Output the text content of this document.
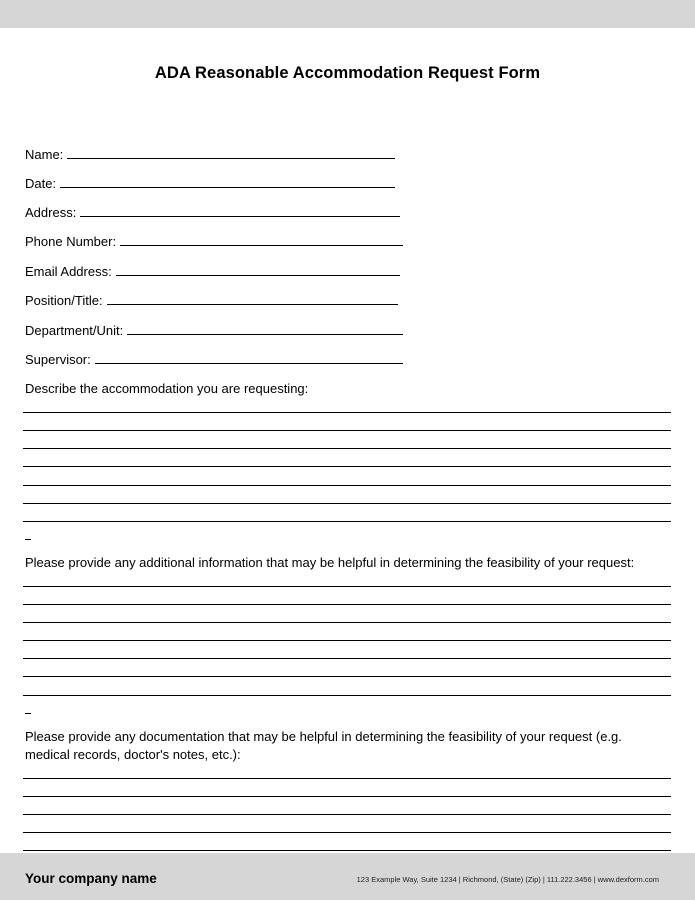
ADA Reasonable Accommodation Request Form
Name:
Date:
Address:
Phone Number:
Email Address:
Position/Title:
Department/Unit:
Supervisor:
Describe the accommodation you are requesting:
Please provide any additional information that may be helpful in determining the feasibility of your request:
Please provide any documentation that may be helpful in determining the feasibility of your request (e.g. medical records, doctor's notes, etc.):
Your company name	123 Example Way, Suite 1234 | Richmond, (State) (Zip) | 111.222.3456 | www.dexform.com
